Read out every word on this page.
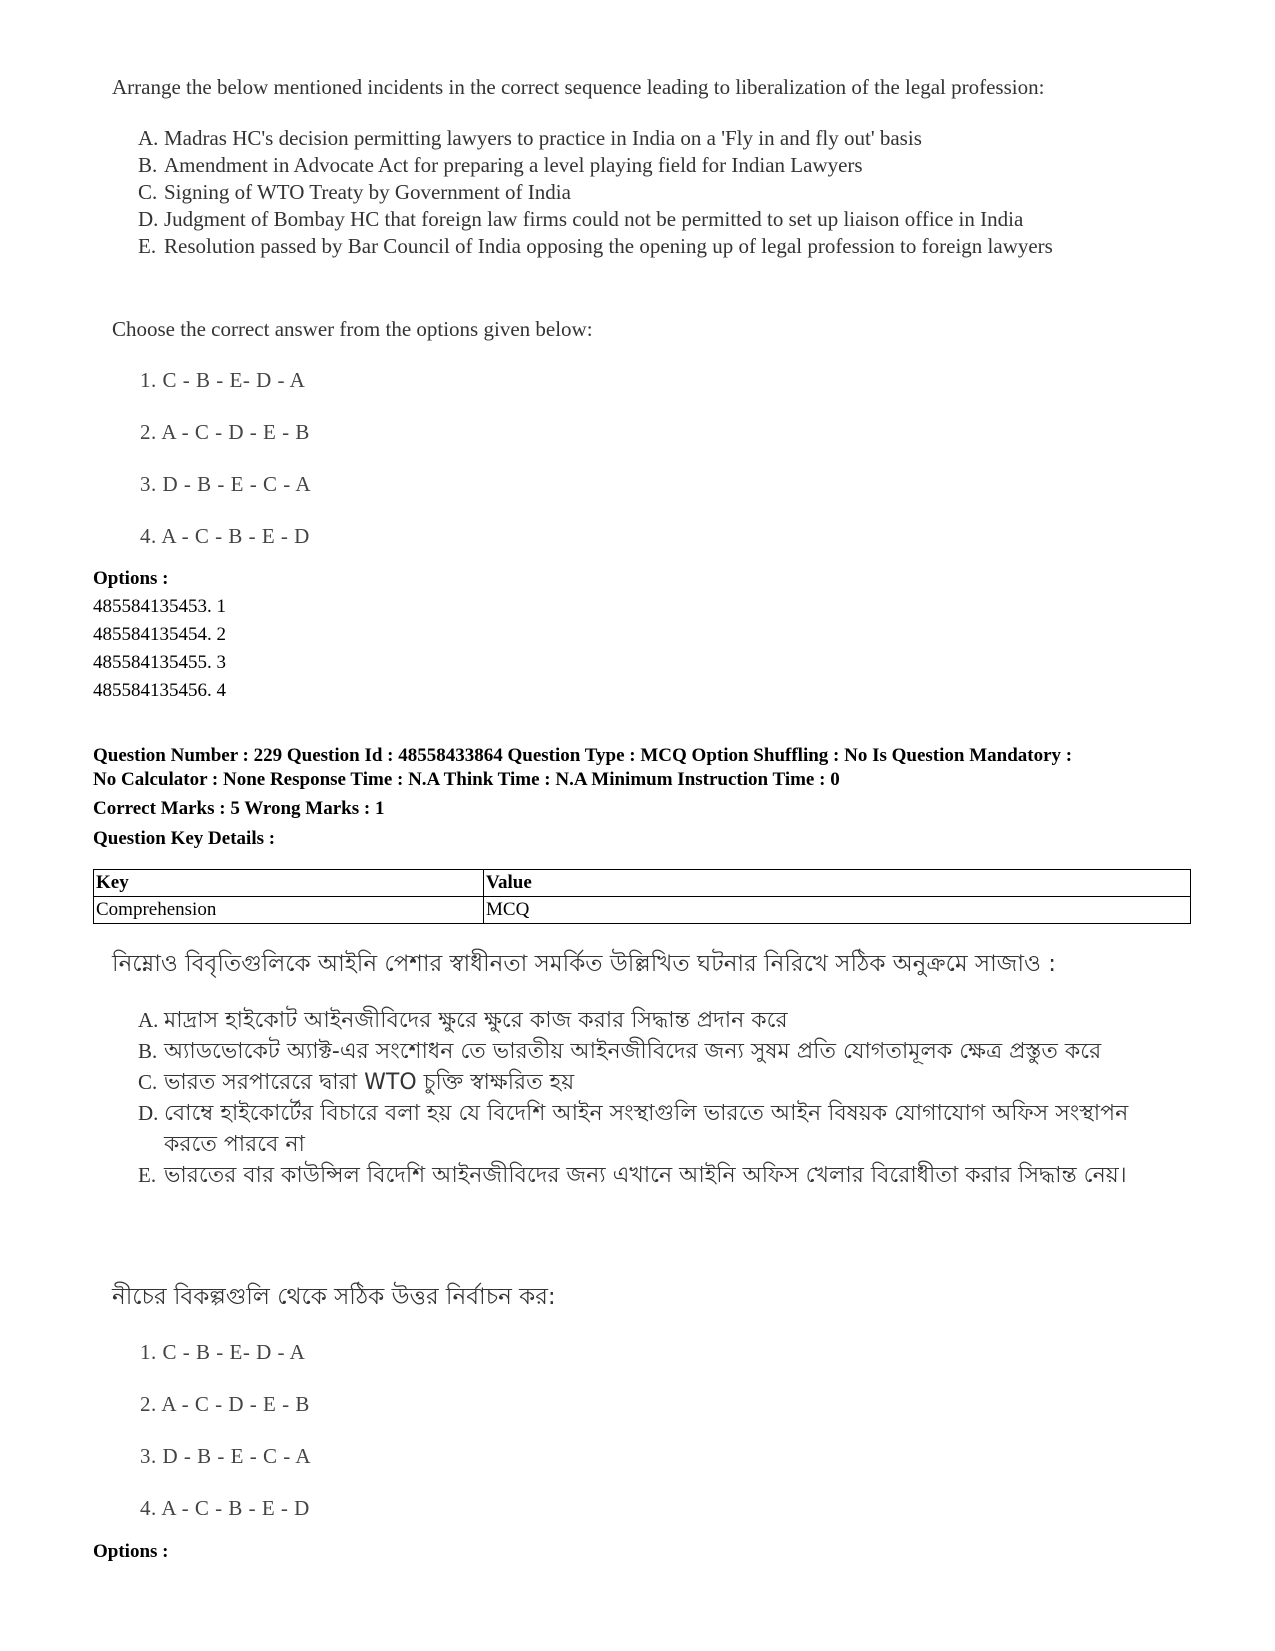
Arrange the below mentioned incidents in the correct sequence leading to liberalization of the legal profession:
A. Madras HC's decision permitting lawyers to practice in India on a 'Fly in and fly out' basis
B. Amendment in Advocate Act for preparing a level playing field for Indian Lawyers
C. Signing of WTO Treaty by Government of India
D. Judgment of Bombay HC that foreign law firms could not be permitted to set up liaison office in India
E. Resolution passed by Bar Council of India opposing the opening up of legal profession to foreign lawyers
Choose the correct answer from the options given below:
1. C - B - E- D - A
2. A - C - D - E - B
3. D - B - E - C - A
4. A - C - B - E - D
Options :
485584135453. 1
485584135454. 2
485584135455. 3
485584135456. 4
Question Number : 229 Question Id : 48558433864 Question Type : MCQ Option Shuffling : No Is Question Mandatory :
No Calculator : None Response Time : N.A Think Time : N.A Minimum Instruction Time : 0
Correct Marks : 5 Wrong Marks : 1
Question Key Details :
Key	Value
Comprehension	MCQ
নিম্নোও বিবৃতিগুলিকে আইনি পেশার স্বাধীনতা সমর্কিত উল্লিখিত ঘটনার নিরিখে সঠিক অনুক্রমে সাজাও :
A. মাদ্রাস হাইকোট আইনজীবিদের ক্ষুরে ক্ষুরে কাজ করার সিদ্ধান্ত প্রদান করে
B. অ্যাডভোকেট অ্যাক্ট-এর সংশোধন তে ভারতীয় আইনজীবিদের জন্য সুষম প্রতি যোগতামূলক ক্ষেত্র প্রস্তুত করে
C. ভারত সরপারেরে দ্বারা WTO চুক্তি স্বাক্ষরিত হয়
D. বোম্বে হাইকোর্টের বিচারে বলা হয় যে বিদেশি আইন সংস্থাগুলি ভারতে আইন বিষয়ক যোগাযোগ অফিস সংস্থাপন করতে পারবে না
E. ভারতের বার কাউন্সিল বিদেশি আইনজীবিদের জন্য এখানে আইনি অফিস খেলার বিরোধীতা করার সিদ্ধান্ত নেয়।
নীচের বিকল্পগুলি থেকে সঠিক উত্তর নির্বাচন কর:
1. C - B - E- D - A
2. A - C - D - E - B
3. D - B - E - C - A
4. A - C - B - E - D
Options :
